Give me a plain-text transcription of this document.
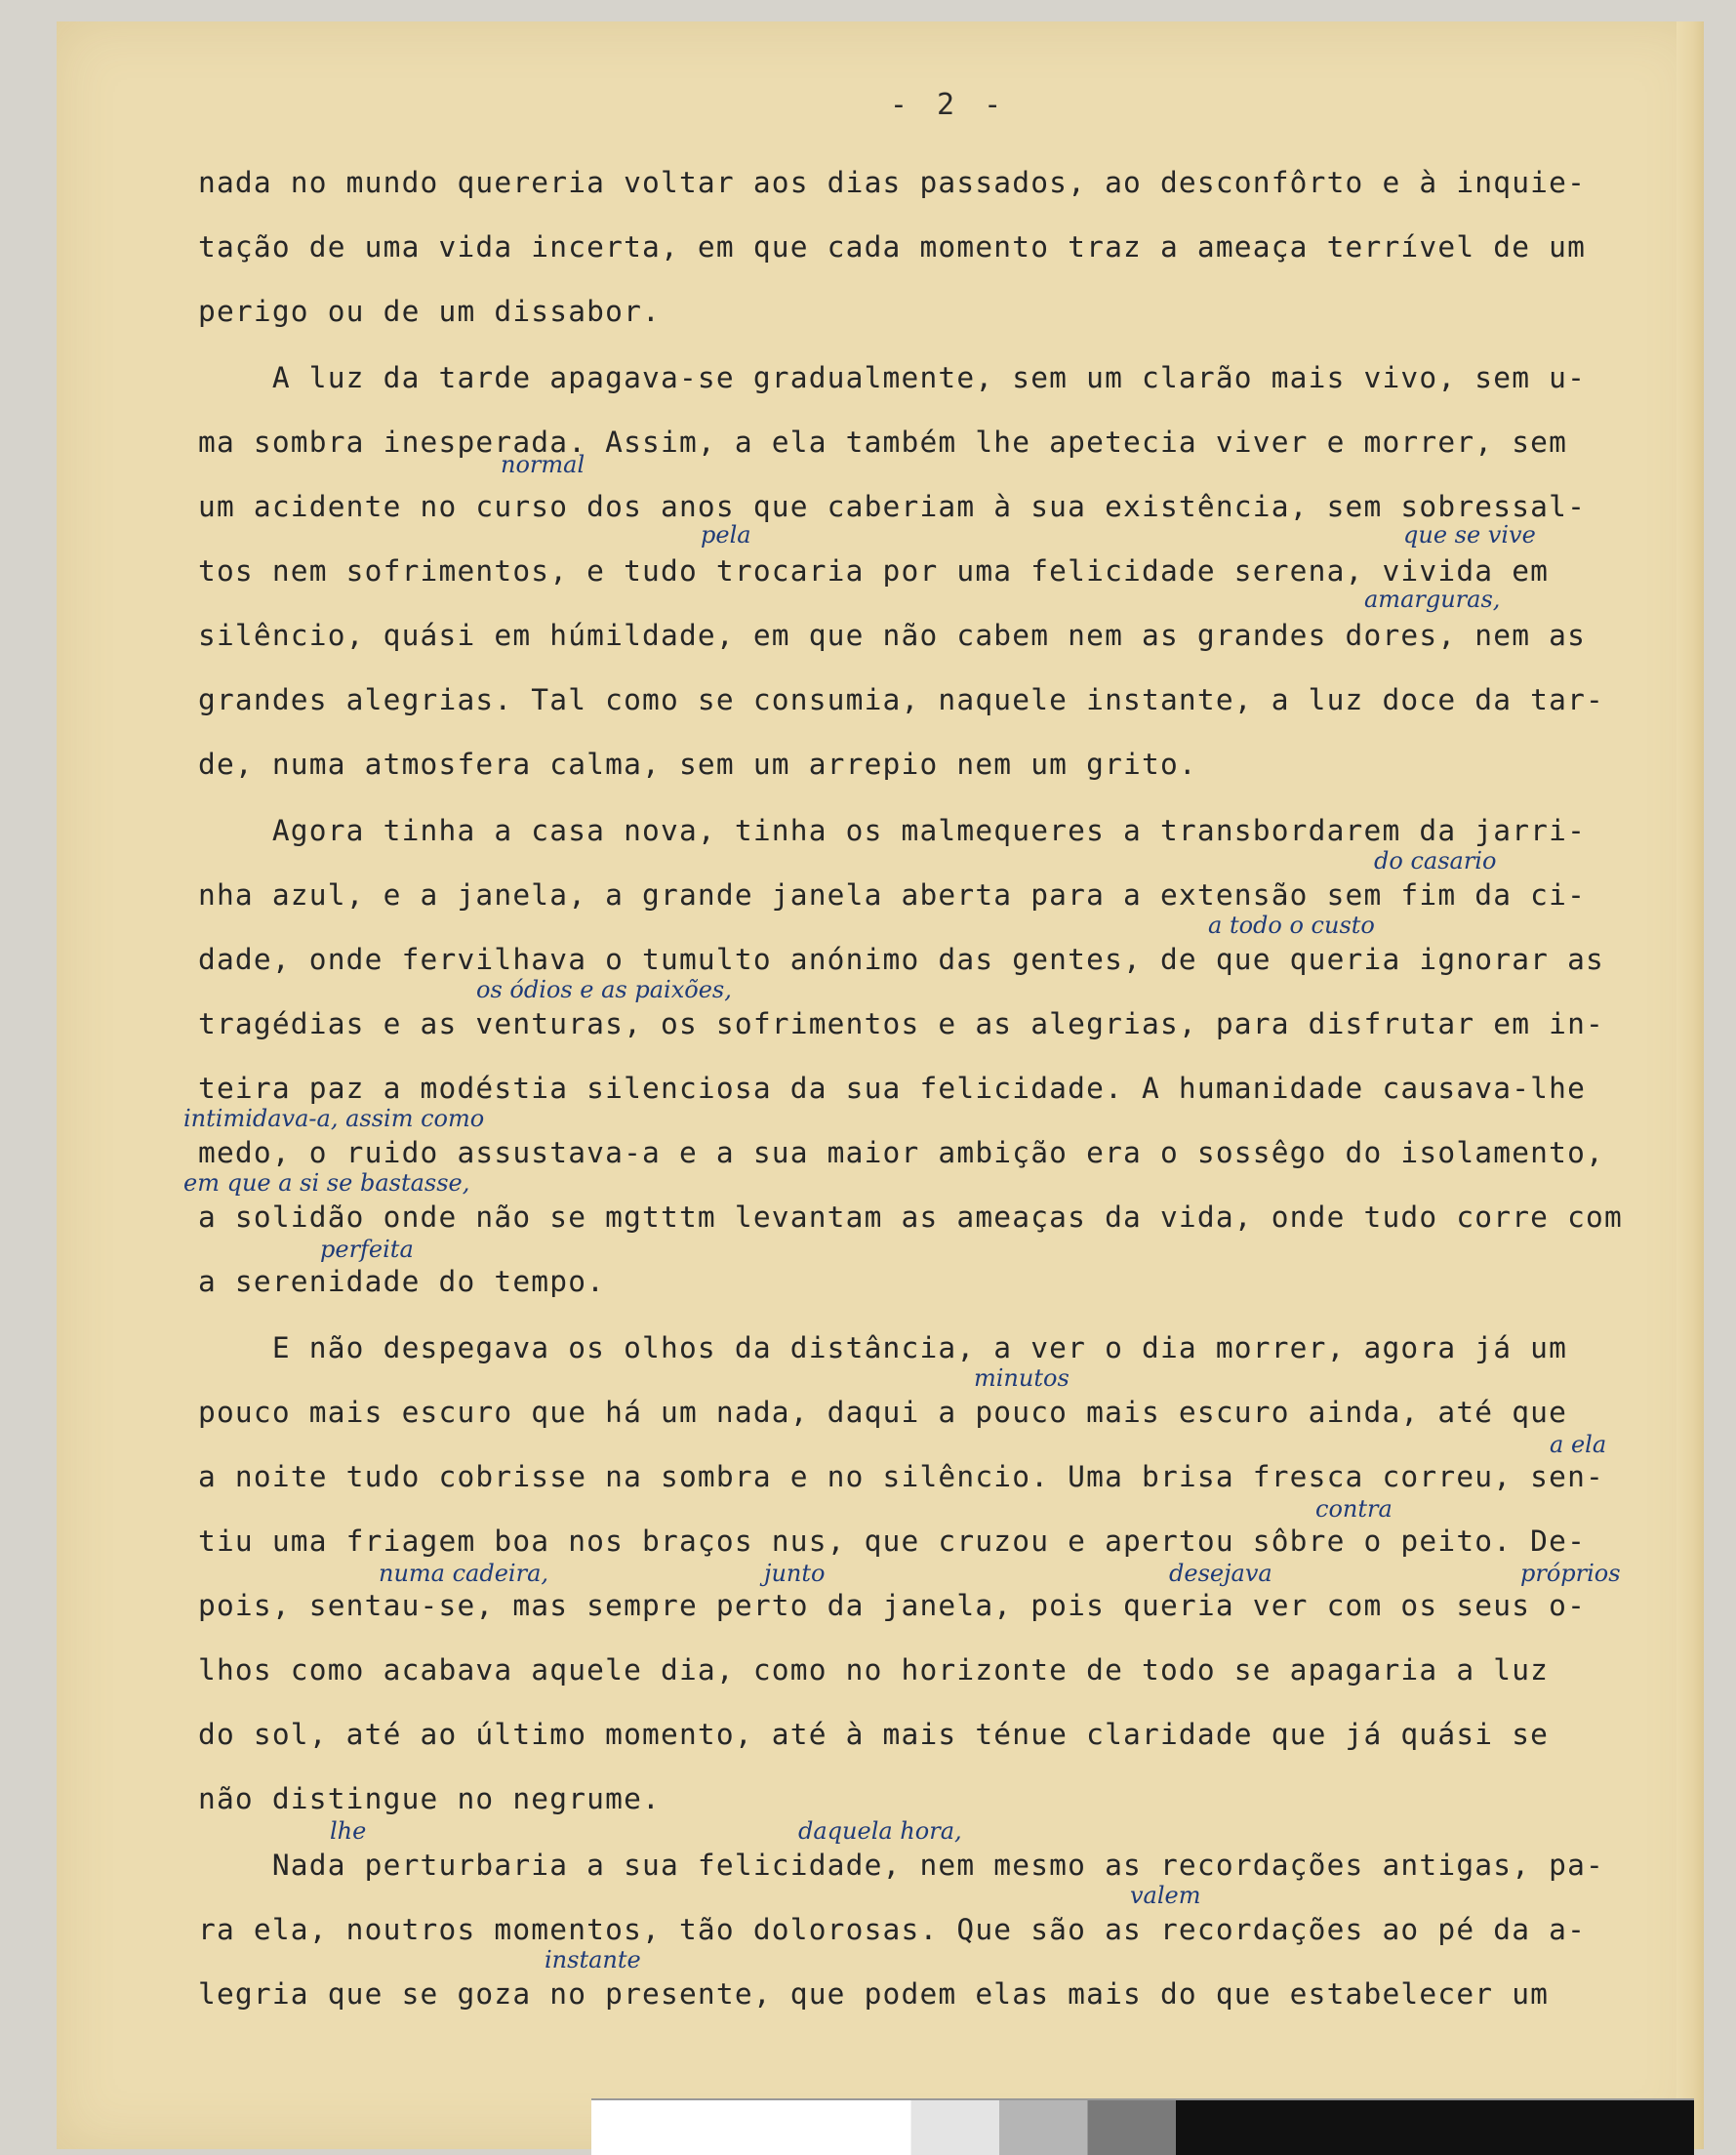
- 2 -
nada no mundo quereria voltar aos dias passados, ao desconfôrto e à inquie-
tação de uma vida incerta, em que cada momento traz a ameaça terrível de um
perigo ou de um dissabor.
A luz da tarde apagava-se gradualmente, sem um clarão mais vivo, sem u-
ma sombra inesperada. Assim, a ela também lhe apetecia viver e morrer, sem
um acidente no curso dos anos que caberiam à sua existência, sem sobressal-
tos nem sofrimentos, e tudo trocaria por uma felicidade serena, vivida em
silêncio, quási em húmildade, em que não cabem nem as grandes dores, nem as
grandes alegrias. Tal como se consumia, naquele instante, a luz doce da tar-
de, numa atmosfera calma, sem um arrepio nem um grito.
Agora tinha a casa nova, tinha os malmequeres a transbordarem da jarri-
nha azul, e a janela, a grande janela aberta para a extensão sem fim da ci-
dade, onde fervilhava o tumulto anónimo das gentes, de que queria ignorar as
tragédias e as venturas, os sofrimentos e as alegrias, para disfrutar em in-
teira paz a modéstia silenciosa da sua felicidade. A humanidade causava-lhe
medo, o ruido assustava-a e a sua maior ambição era o sossêgo do isolamento,
a solidão onde não se mgtttm levantam as ameaças da vida, onde tudo corre com
a serenidade do tempo.
E não despegava os olhos da distância, a ver o dia morrer, agora já um
pouco mais escuro que há um nada, daqui a pouco mais escuro ainda, até que
a noite tudo cobrisse na sombra e no silêncio. Uma brisa fresca correu, sen-
tiu uma friagem boa nos braços nus, que cruzou e apertou sôbre o peito. De-
pois, sentau-se, mas sempre perto da janela, pois queria ver com os seus o-
lhos como acabava aquele dia, como no horizonte de todo se apagaria a luz
do sol, até ao último momento, até à mais ténue claridade que já quási se
não distingue no negrume.
Nada perturbaria a sua felicidade, nem mesmo as recordações antigas, pa-
ra ela, noutros momentos, tão dolorosas. Que são as recordações ao pé da a-
legria que se goza no presente, que podem elas mais do que estabelecer um
normal
pela	que se vive
amarguras,
do casario
a todo o custo
os ódios e as paixões,
intimidava-a, assim como
em que a si se bastasse,
perfeita
minutos
a ela
contra
numa cadeira,	junto	desejava	próprios
lhe	daquela hora,
valem
instante
